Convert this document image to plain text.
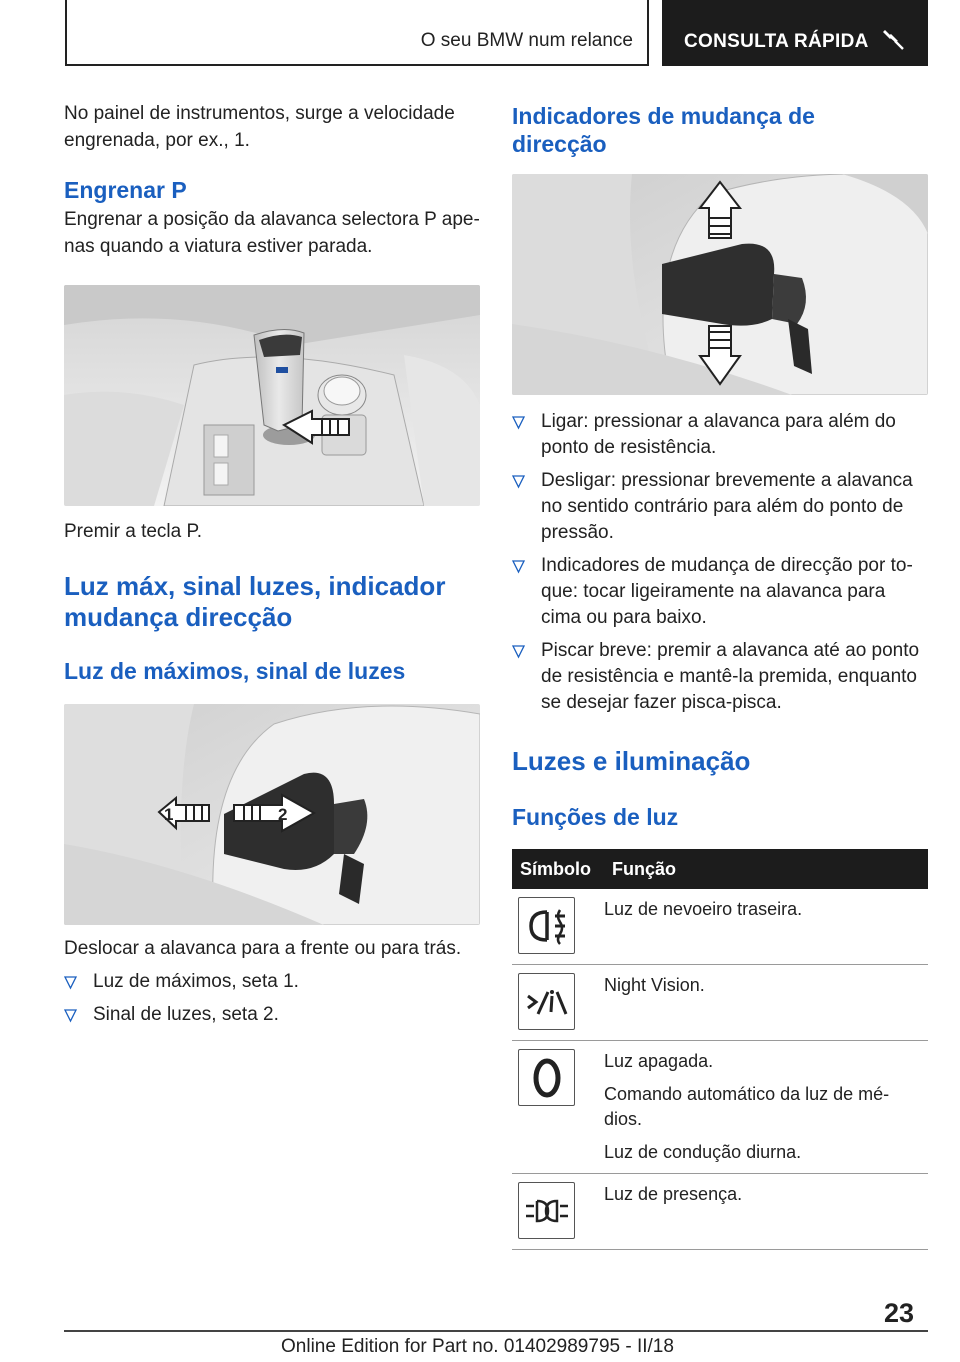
O seu BMW num relance	CONSULTA RÁPIDA

No painel de instrumentos, surge a velocidade engrenada, por ex., 1.

Engrenar P

Engrenar a posição da alavanca selectora P ape-nas quando a viatura estiver parada.

Premir a tecla P.

Luz máx, sinal luzes, indicador mudança direcção
Luz de máximos, sinal de luzes
1	2

Deslocar a alavanca para a frente ou para trás.

Luz de máximos, seta 1.
Sinal de luzes, seta 2.
Indicadores de mudança de direcção
Ligar: pressionar a alavanca para além do ponto de resistência.
Desligar: pressionar brevemente a alavanca no sentido contrário para além do ponto de pressão.
Indicadores de mudança de direcção por to-que: tocar ligeiramente na alavanca para cima ou para baixo.
Piscar breve: premir a alavanca até ao ponto de resistência e mantê-la premida, enquanto se desejar fazer pisca-pisca.
Luzes e iluminação
Funções de luz
Símbolo	Função

Luz de nevoeiro traseira.

Night Vision.

Luz apagada.

Comando automático da luz de mé-dios.

Luz de condução diurna.

Luz de presença.

23
Online Edition for Part no. 01402989795 - II/18
